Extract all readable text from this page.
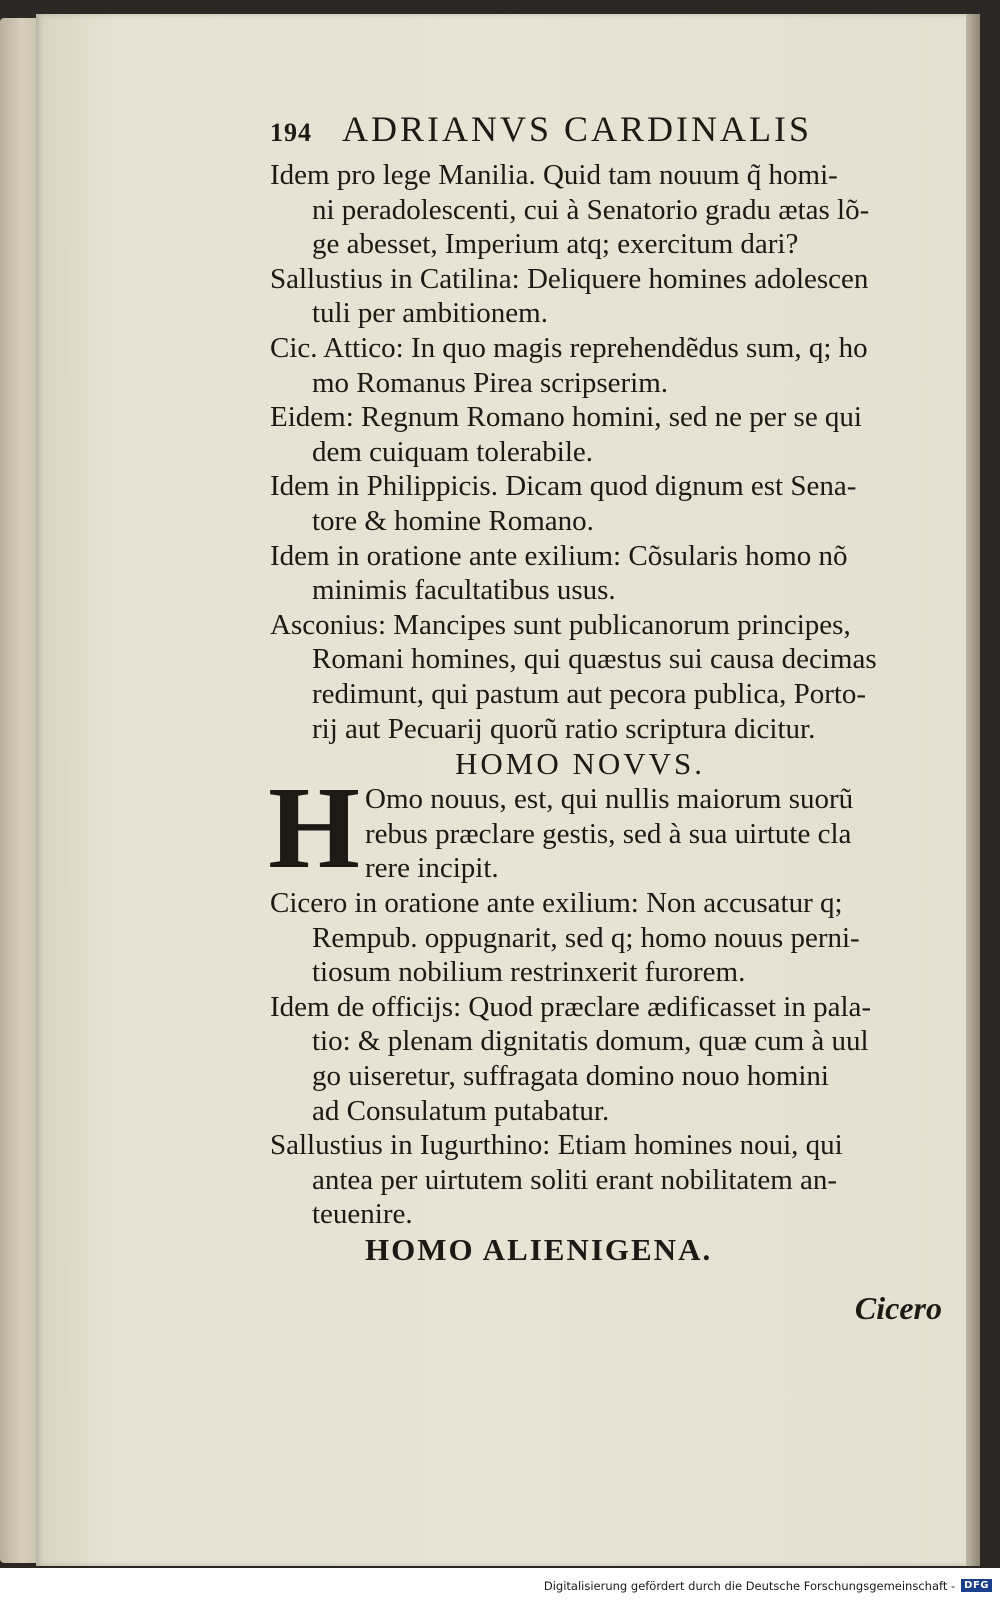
194 ADRIANVS CARDINALIS
Idem pro lege Manilia. Quid tam nouum q̃ homi-
ni peradolescenti, cui à Senatorio gradu ætas lõ-
ge abesset, Imperium atq; exercitum dari?
Sallustius in Catilina: Deliquere homines adolescen
tuli per ambitionem.
Cic. Attico: In quo magis reprehendẽdus sum, q; ho
mo Romanus Pirea scripserim.
Eidem: Regnum Romano homini, sed ne per se qui
dem cuiquam tolerabile.
Idem in Philippicis. Dicam quod dignum est Sena-
tore & homine Romano.
Idem in oratione ante exilium: Cõsularis homo nõ
minimis facultatibus usus.
Asconius: Mancipes sunt publicanorum principes,
Romani homines, qui quæstus sui causa decimas
redimunt, qui pastum aut pecora publica, Porto-
rij aut Pecuarij quorũ ratio scriptura dicitur.
HOMO NOVVS.
H Omo nouus, est, qui nullis maiorum suorũ
rebus præclare gestis, sed à sua uirtute cla
rere incipit.
Cicero in oratione ante exilium: Non accusatur q;
Rempub. oppugnarit, sed q; homo nouus perni-
tiosum nobilium restrinxerit furorem.
Idem de officijs: Quod præclare ædificasset in pala-
tio: & plenam dignitatis domum, quæ cum à uul
go uiseretur, suffragata domino nouo homini
ad Consulatum putabatur.
Sallustius in Iugurthino: Etiam homines noui, qui
antea per uirtutem soliti erant nobilitatem an-
teuenire.
HOMO ALIENIGENA.
Cicero
Digitalisierung gefördert durch die Deutsche Forschungsgemeinschaft - DFG
